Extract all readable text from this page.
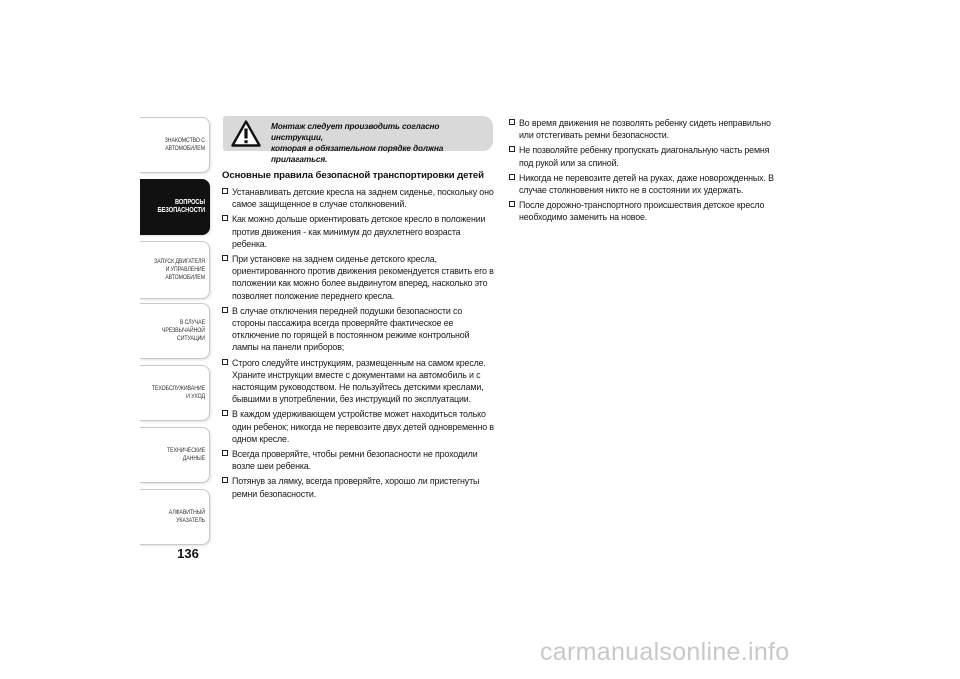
ЗНАКОМСТВО С АВТОМОБИЛЕМ
ВОПРОСЫ БЕЗОПАСНОСТИ
ЗАПУСК ДВИГАТЕЛЯ И УПРАВЛЕНИЕ АВТОМОБИЛЕМ
В СЛУЧАЕ ЧРЕЗВЫЧАЙНОЙ СИТУАЦИИ
ТЕХОБСЛУЖИВАНИЕ И УХОД
ТЕХНИЧЕСКИЕ ДАННЫЕ
АЛФАВИТНЫЙ УКАЗАТЕЛЬ
136
Монтаж следует производить согласно инструкции,
которая в обязательном порядке должна прилагаться.
Основные правила безопасной транспортировки детей
Устанавливать детские кресла на заднем сиденье, поскольку оно самое защищенное в случае столкновений.
Как можно дольше ориентировать детское кресло в положении против движения - как минимум до двухлетнего возраста ребенка.
При установке на заднем сиденье детского кресла, ориентированного против движения рекомендуется ставить его в положении как можно более выдвинутом вперед, насколько это позволяет положение переднего кресла.
В случае отключения передней подушки безопасности со стороны пассажира всегда проверяйте фактическое ее отключение по горящей в постоянном режиме контрольной лампы на панели приборов;
Строго следуйте инструкциям, размещенным на самом кресле. Храните инструкции вместе с документами на автомобиль и с настоящим руководством. Не пользуйтесь детскими креслами, бывшими в употреблении, без инструкций по эксплуатации.
В каждом удерживающем устройстве может находиться только один ребенок; никогда не перевозите двух детей одновременно в одном кресле.
Всегда проверяйте, чтобы ремни безопасности не проходили возле шеи ребенка.
Потянув за лямку, всегда проверяйте, хорошо ли пристегнуты ремни безопасности.
Во время движения не позволять ребенку сидеть неправильно или отстегивать ремни безопасности.
Не позволяйте ребенку пропускать диагональную часть ремня под рукой или за спиной.
Никогда не перевозите детей на руках, даже новорожденных. В случае столкновения никто не в состоянии их удержать.
После дорожно-транспортного происшествия детское кресло необходимо заменить на новое.
carmanualsonline.info
